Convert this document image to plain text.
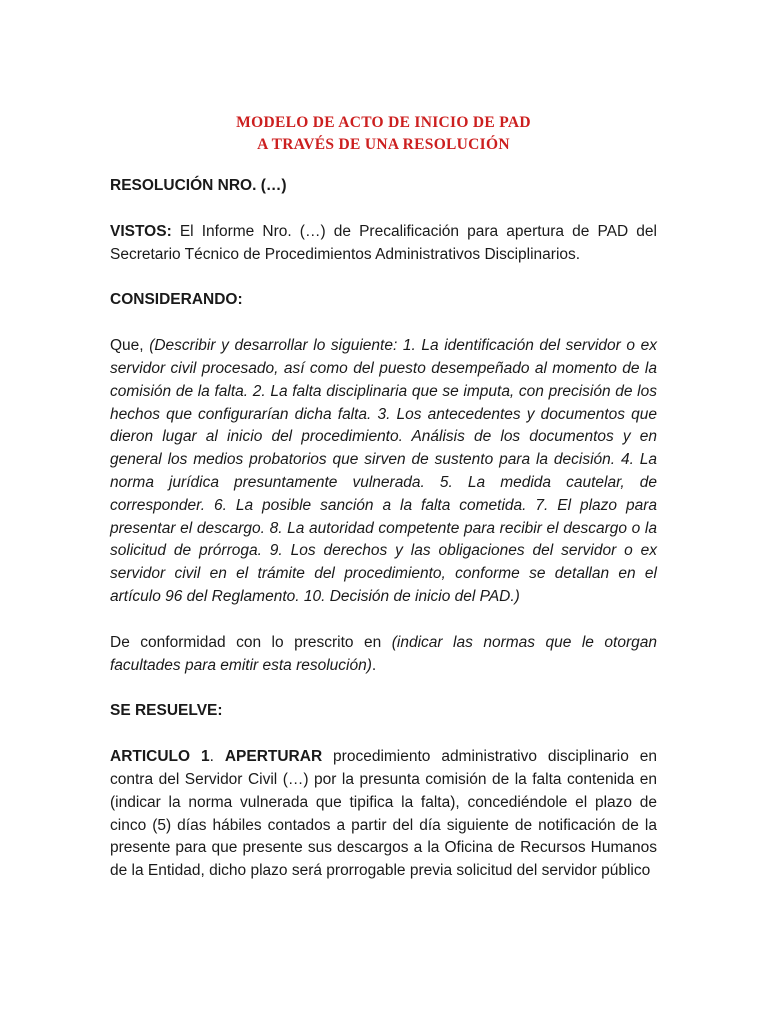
MODELO DE ACTO DE INICIO DE PAD
A TRAVÉS DE UNA RESOLUCIÓN

RESOLUCIÓN NRO. (…)

VISTOS: El Informe Nro. (…) de Precalificación para apertura de PAD del Secretario Técnico de Procedimientos Administrativos Disciplinarios.

CONSIDERANDO:

Que, (Describir y desarrollar lo siguiente: 1. La identificación del servidor o ex servidor civil procesado, así como del puesto desempeñado al momento de la comisión de la falta. 2. La falta disciplinaria que se imputa, con precisión de los hechos que configurarían dicha falta. 3. Los antecedentes y documentos que dieron lugar al inicio del procedimiento. Análisis de los documentos y en general los medios probatorios que sirven de sustento para la decisión. 4. La norma jurídica presuntamente vulnerada. 5. La medida cautelar, de corresponder. 6. La posible sanción a la falta cometida. 7. El plazo para presentar el descargo. 8. La autoridad competente para recibir el descargo o la solicitud de prórroga. 9. Los derechos y las obligaciones del servidor o ex servidor civil en el trámite del procedimiento, conforme se detallan en el artículo 96 del Reglamento. 10. Decisión de inicio del PAD.)

De conformidad con lo prescrito en (indicar las normas que le otorgan facultades para emitir esta resolución).

SE RESUELVE:

ARTICULO 1. APERTURAR procedimiento administrativo disciplinario en contra del Servidor Civil (…) por la presunta comisión de la falta contenida en (indicar la norma vulnerada que tipifica la falta), concediéndole el plazo de cinco (5) días hábiles contados a partir del día siguiente de notificación de la presente para que presente sus descargos a la Oficina de Recursos Humanos de la Entidad, dicho plazo será prorrogable previa solicitud del servidor público
